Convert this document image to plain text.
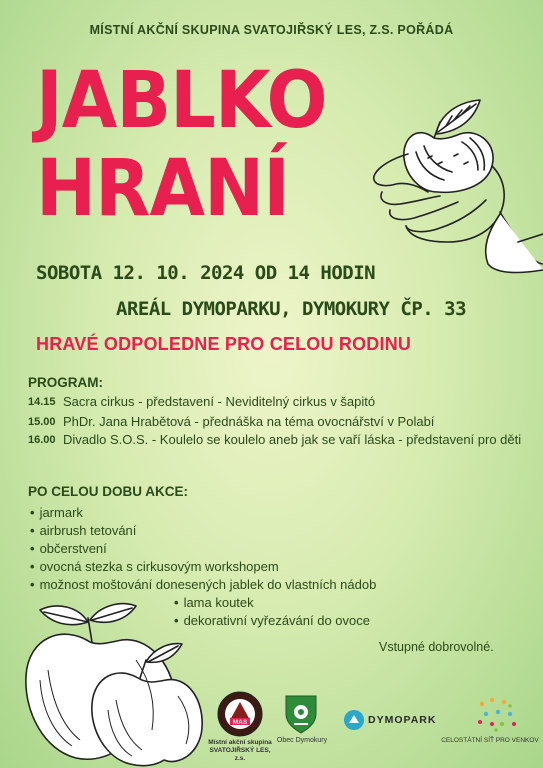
MÍSTNÍ AKČNÍ SKUPINA SVATOJIŘSKÝ LES, Z.S. POŘÁDÁ
JABLKO
HRANÍ
SOBOTA 12. 10. 2024 OD 14 HODIN
AREÁL DYMOPARKU, DYMOKURY ČP. 33
HRAVÉ ODPOLEDNE PRO CELOU RODINU
PROGRAM:
14.15 Sacra cirkus - představení - Neviditelný cirkus v šapitó
15.00 PhDr. Jana Hrabětová - přednáška na téma ovocnářství v Polabí
16.00 Divadlo S.O.S. - Koulelo se koulelo aneb jak se vaří láska - představení pro děti
PO CELOU DOBU AKCE:
• jarmark
• airbrush tetování
• občerstvení
• ovocná stezka s cirkusovým workshopem
• možnost moštování donesených jablek do vlastních nádob
• lama koutek
• dekorativní vyřezávání do ovoce
Vstupné dobrovolné.
MAS
Místní akční skupina
SVATOJIŘSKÝ LES, z.s.
Obec Dymokury
DYMOPARK
CELOSTÁTNÍ SÍŤ PRO VENKOV
